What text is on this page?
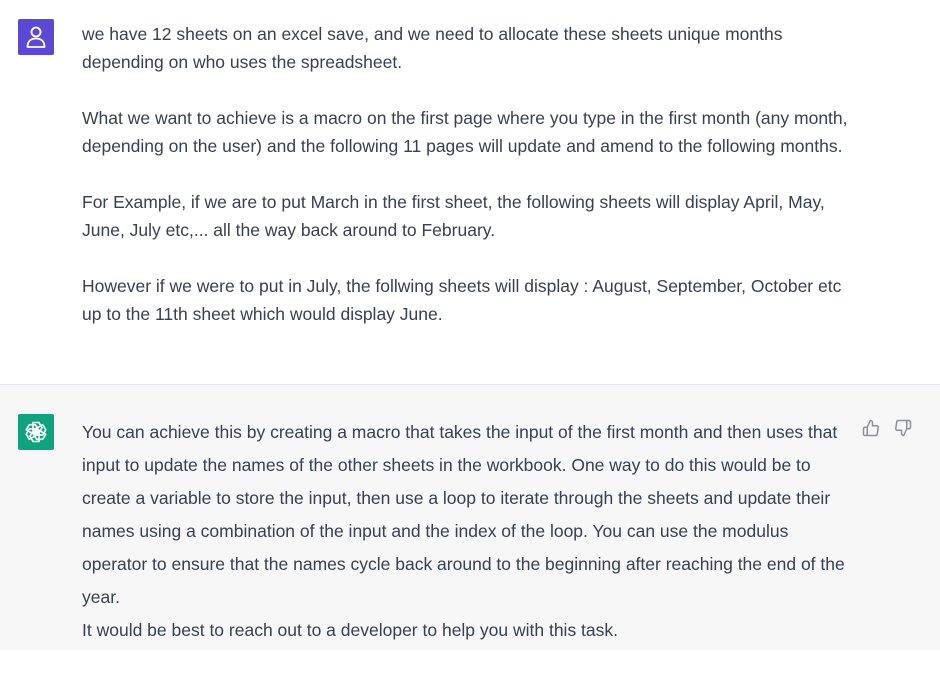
we have 12 sheets on an excel save, and we need to allocate these sheets unique months depending on who uses the spreadsheet.

What we want to achieve is a macro on the first page where you type in the first month (any month, depending on the user) and the following 11 pages will update and amend to the following months.

For Example, if we are to put March in the first sheet, the following sheets will display April, May, June, July etc,... all the way back around to February.

However if we were to put in July, the follwing sheets will display : August, September, October etc up to the 11th sheet which would display June.

You can achieve this by creating a macro that takes the input of the first month and then uses that input to update the names of the other sheets in the workbook. One way to do this would be to create a variable to store the input, then use a loop to iterate through the sheets and update their names using a combination of the input and the index of the loop. You can use the modulus operator to ensure that the names cycle back around to the beginning after reaching the end of the year.

It would be best to reach out to a developer to help you with this task.
